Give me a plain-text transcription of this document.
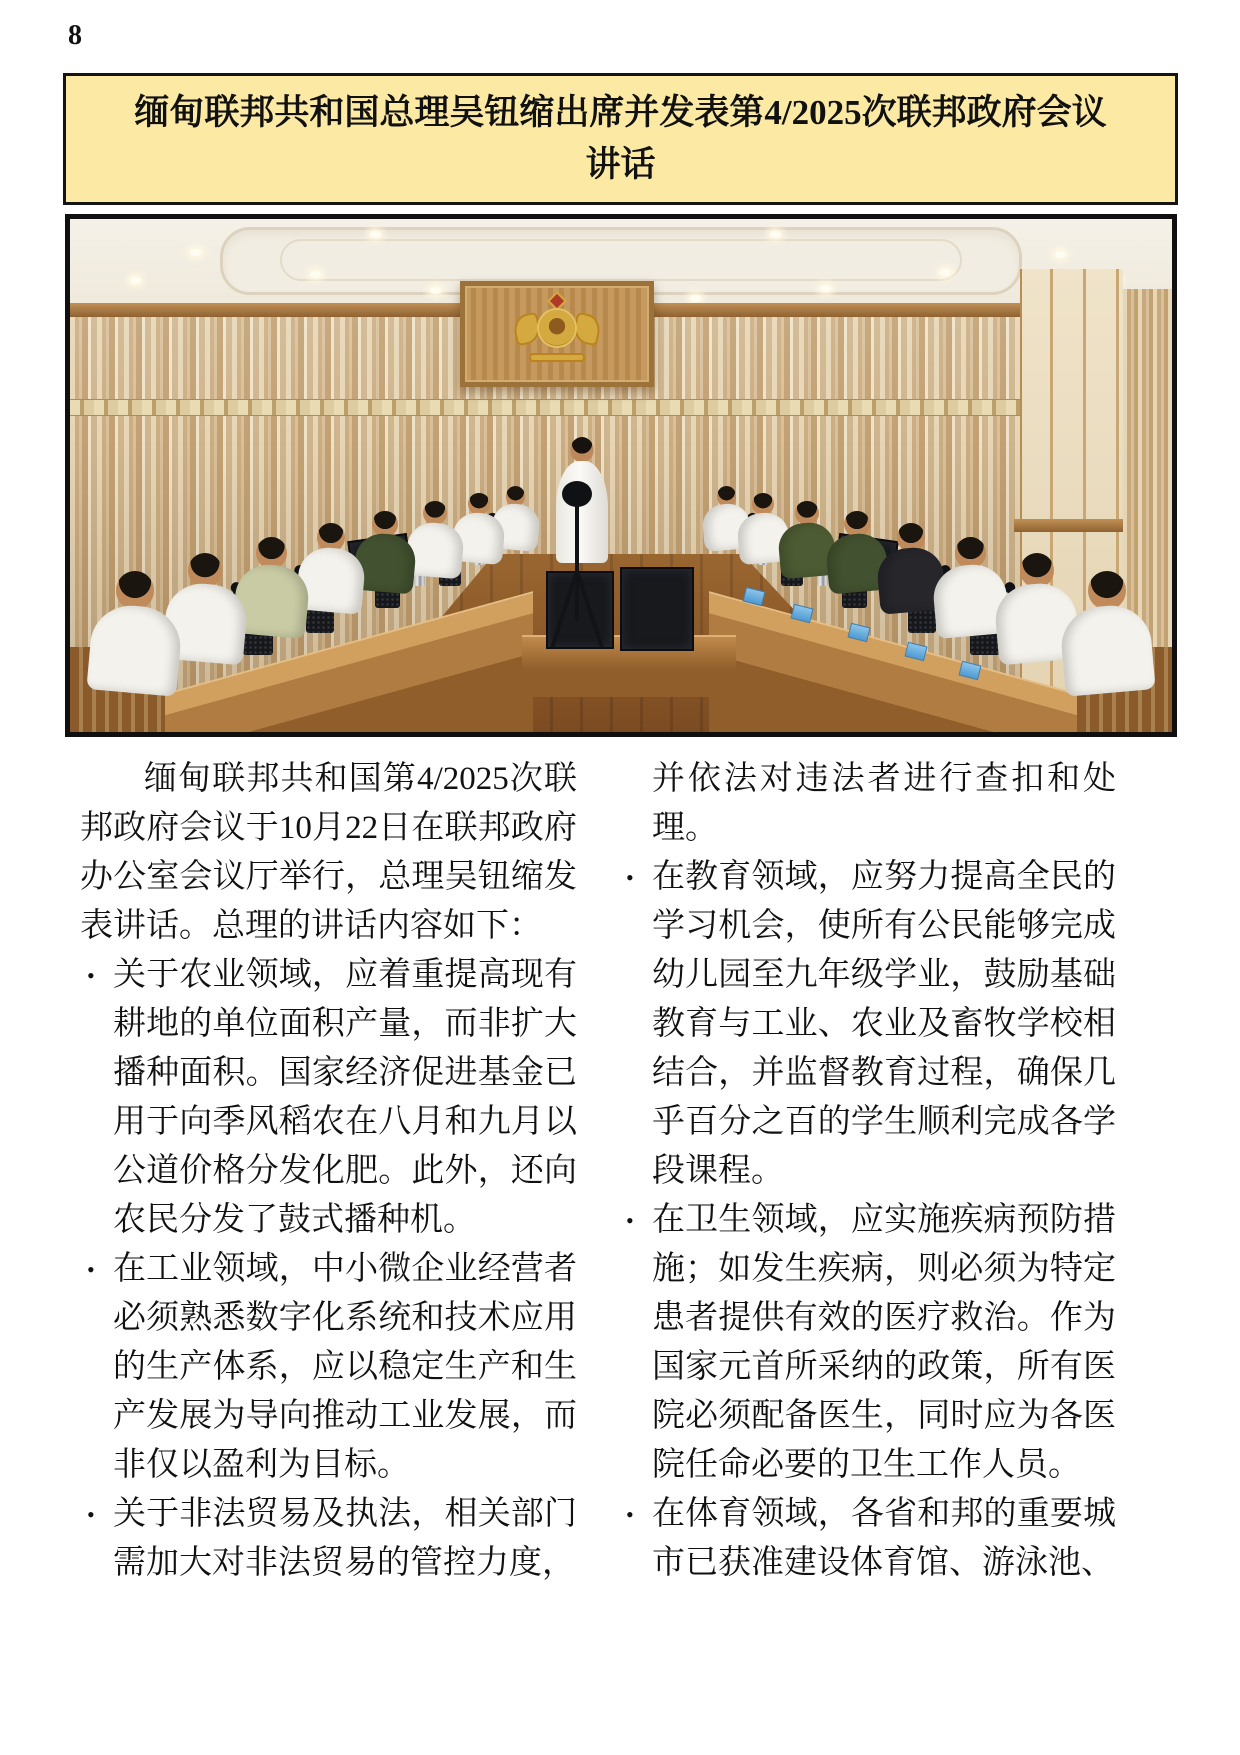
8
缅甸联邦共和国总理吴钮缩出席并发表第4/2025次联邦政府会议
讲话
缅甸联邦共和国第4/2025次联邦政府会议于10月22日在联邦政府办公室会议厅举行，总理吴钮缩发表讲话。总理的讲话内容如下：
• 关于农业领域，应着重提高现有耕地的单位面积产量，而非扩大播种面积。国家经济促进基金已用于向季风稻农在八月和九月以公道价格分发化肥。此外，还向农民分发了鼓式播种机。
• 在工业领域，中小微企业经营者必须熟悉数字化系统和技术应用的生产体系，应以稳定生产和生产发展为导向推动工业发展，而非仅以盈利为目标。
• 关于非法贸易及执法，相关部门需加大对非法贸易的管控力度，
并依法对违法者进行查扣和处理。
• 在教育领域，应努力提高全民的学习机会，使所有公民能够完成幼儿园至九年级学业，鼓励基础教育与工业、农业及畜牧学校相结合，并监督教育过程，确保几乎百分之百的学生顺利完成各学段课程。
• 在卫生领域，应实施疾病预防措施；如发生疾病，则必须为特定患者提供有效的医疗救治。作为国家元首所采纳的政策，所有医院必须配备医生，同时应为各医院任命必要的卫生工作人员。
• 在体育领域，各省和邦的重要城市已获准建设体育馆、游泳池、
